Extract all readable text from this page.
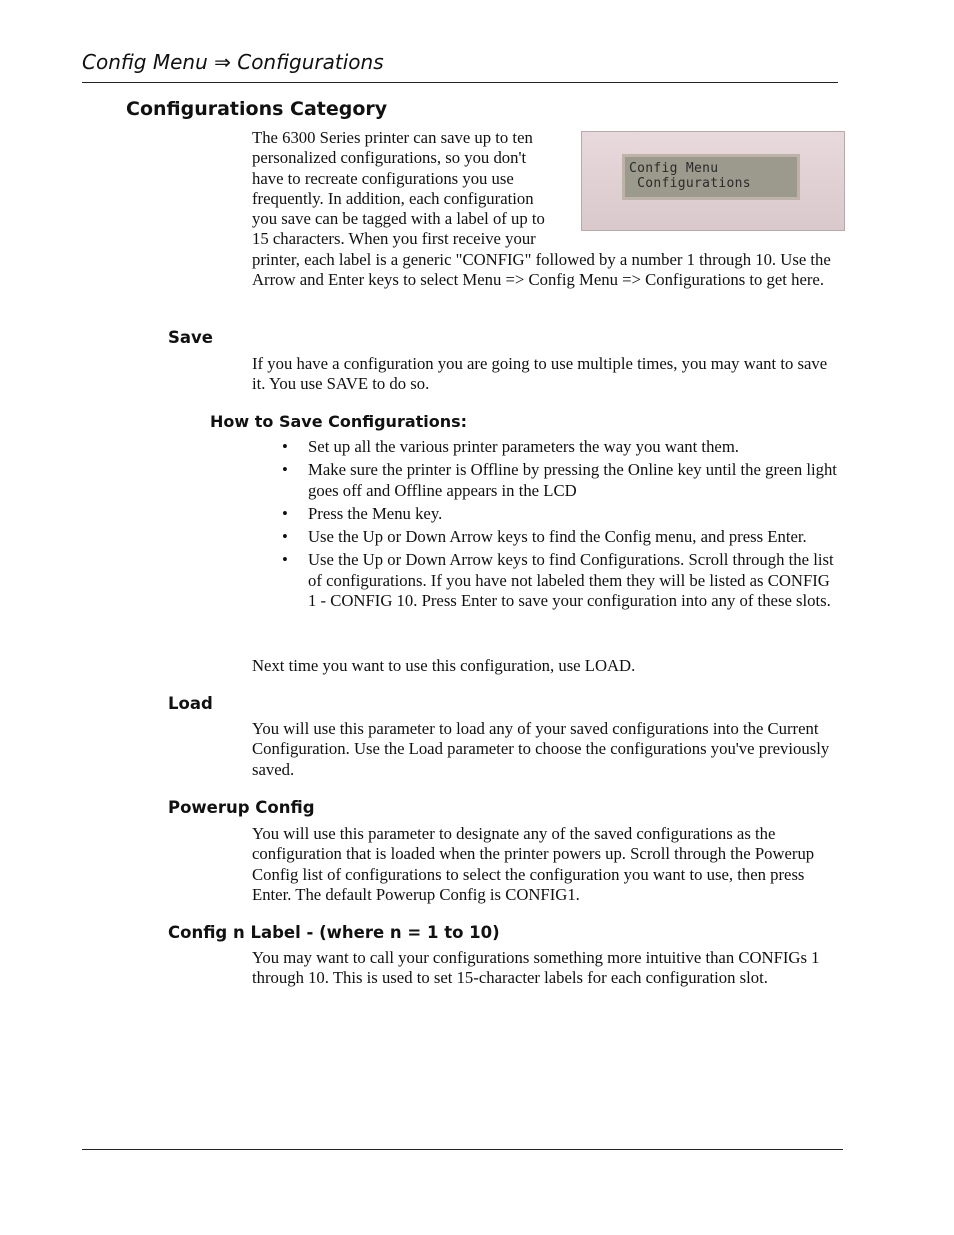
Config Menu ⇒ Configurations
Configurations Category
Config Menu
Configurations
The 6300 Series printer can save up to ten personalized configurations, so you don't have to recreate configurations you use frequently. In addition, each configuration you save can be tagged with a label of up to 15 characters. When you first receive your printer, each label is a generic "CONFIG" followed by a number 1 through 10. Use the Arrow and Enter keys to select Menu => Config Menu => Configurations to get here.
Save
If you have a configuration you are going to use multiple times, you may want to save it. You use SAVE to do so.
How to Save Configurations:
• Set up all the various printer parameters the way you want them.
• Make sure the printer is Offline by pressing the Online key until the green light goes off and Offline appears in the LCD
• Press the Menu key.
• Use the Up or Down Arrow keys to find the Config menu, and press Enter.
• Use the Up or Down Arrow keys to find Configurations. Scroll through the list of configurations. If you have not labeled them they will be listed as CONFIG 1 - CONFIG 10. Press Enter to save your configuration into any of these slots.
Next time you want to use this configuration, use LOAD.
Load
You will use this parameter to load any of your saved configurations into the Current Configuration. Use the Load parameter to choose the configurations you've previously saved.
Powerup Config
You will use this parameter to designate any of the saved configurations as the configuration that is loaded when the printer powers up. Scroll through the Powerup Config list of configurations to select the configuration you want to use, then press Enter. The default Powerup Config is CONFIG1.
Config n Label - (where n = 1 to 10)
You may want to call your configurations something more intuitive than CONFIGs 1 through 10. This is used to set 15-character labels for each configuration slot.
